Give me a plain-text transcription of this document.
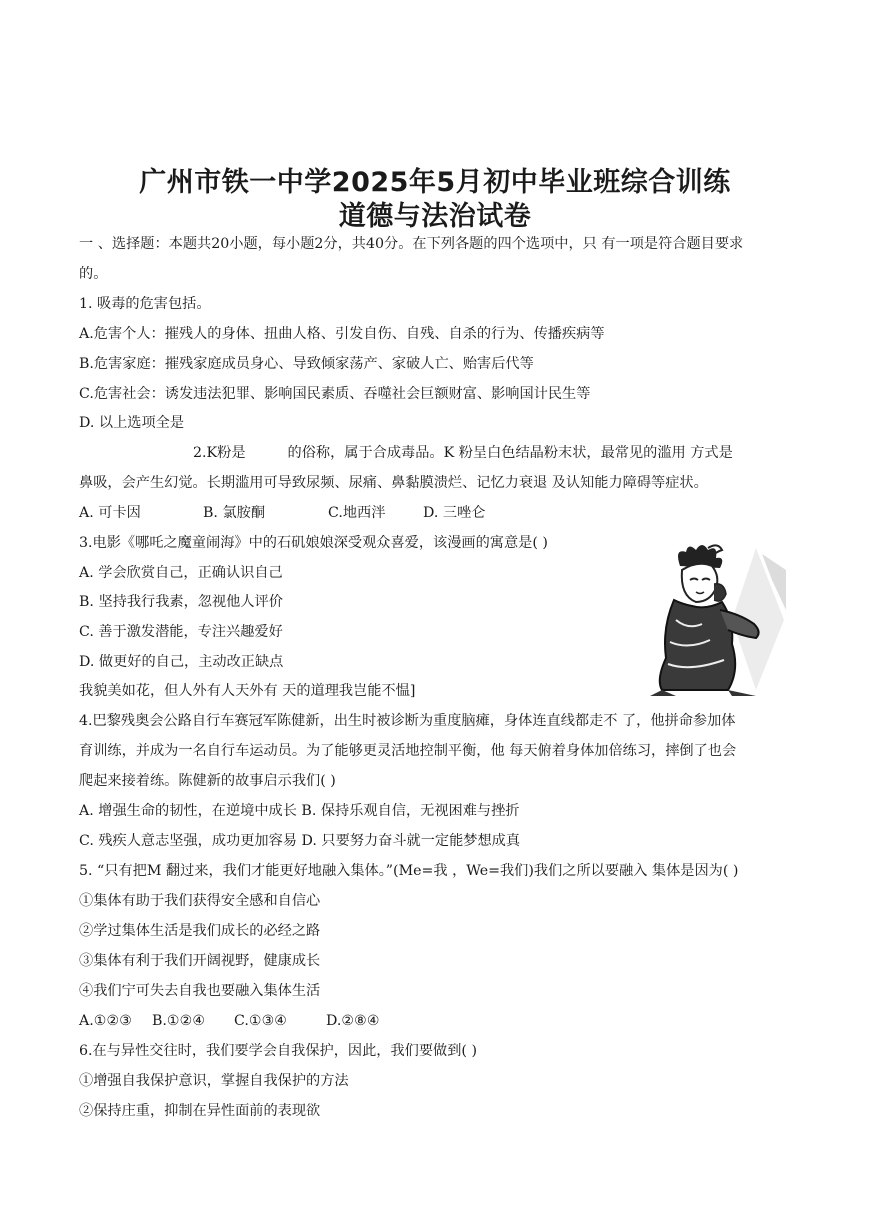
广州市铁一中学2025年5月初中毕业班综合训练
道德与法治试卷
一 、选择题：本题共20小题，每小题2分，共40分。在下列各题的四个选项中，只 有一项是符合题目要求
的。
1. 吸毒的危害包括。
A.危害个人：摧残人的身体、扭曲人格、引发自伤、自残、自杀的行为、传播疾病等
B.危害家庭：摧残家庭成员身心、导致倾家荡产、家破人亡、贻害后代等
C.危害社会：诱发违法犯罪、影响国民素质、吞噬社会巨额财富、影响国计民生等
D. 以上选项全是
2.K粉是	的俗称，属于合成毒品。K 粉呈白色结晶粉末状，最常见的滥用 方式是
鼻吸，会产生幻觉。长期滥用可导致尿频、尿痛、鼻黏膜溃烂、记忆力衰退 及认知能力障碍等症状。
A. 可卡因	B. 氯胺酮	C.地西泮	D. 三唑仑
3.电影《哪吒之魔童闹海》中的石矶娘娘深受观众喜爱，该漫画的寓意是( )
A. 学会欣赏自己，正确认识自己
B. 坚持我行我素，忽视他人评价
C. 善于激发潜能，专注兴趣爱好
D. 做更好的自己，主动改正缺点
我貌美如花，但人外有人天外有 天的道理我岂能不愠]
4.巴黎残奥会公路自行车赛冠军陈健新，出生时被诊断为重度脑瘫，身体连直线都走不 了，他拼命参加体
育训练，并成为一名自行车运动员。为了能够更灵活地控制平衡，他 每天俯着身体加倍练习，摔倒了也会
爬起来接着练。陈健新的故事启示我们( )
A. 增强生命的韧性，在逆境中成长 B. 保持乐观自信，无视困难与挫折
C. 残疾人意志坚强，成功更加容易 D. 只要努力奋斗就一定能梦想成真
5. “只有把M 翻过来，我们才能更好地融入集体。”(Me=我 ，We=我们)我们之所以要融入 集体是因为( )
①集体有助于我们获得安全感和自信心
②学过集体生活是我们成长的必经之路
③集体有利于我们开阔视野，健康成长
④我们宁可失去自我也要融入集体生活
A.①②③ B.①②④ C.①③④	D.②⑧④
6.在与异性交往时，我们要学会自我保护，因此，我们要做到( )
①增强自我保护意识，掌握自我保护的方法
②保持庄重，抑制在异性面前的表现欲
